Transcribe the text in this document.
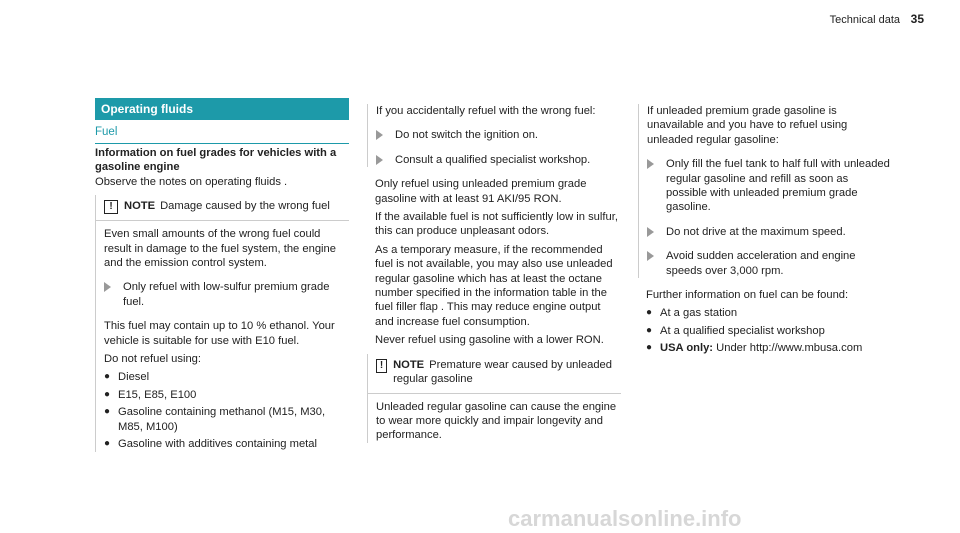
Technical data 35
Operating fluids
Fuel
Information on fuel grades for vehicles with a gasoline engine

Observe the notes on operating fluids .

!	NOTE Damage caused by the wrong fuel

Even small amounts of the wrong fuel could result in damage to the fuel system, the engine and the emission control system.

Only refuel with low-sulfur premium grade fuel.

This fuel may contain up to 10 % ethanol. Your vehicle is suitable for use with E10 fuel.

Do not refuel using:

● Diesel
● E15, E85, E100
● Gasoline containing methanol (M15, M30, M85, M100)
● Gasoline with additives containing metal

If you accidentally refuel with the wrong fuel:

Do not switch the ignition on.
Consult a qualified specialist workshop.

Only refuel using unleaded premium grade gasoline with at least 91 AKI/95 RON.

If the available fuel is not sufficiently low in sulfur, this can produce unpleasant odors.

As a temporary measure, if the recommended fuel is not available, you may also use unleaded regular gasoline which has at least the octane number specified in the information table in the fuel filler flap . This may reduce engine output and increase fuel consumption.

Never refuel using gasoline with a lower RON.

! NOTE Premature wear caused by unleaded regular gasoline

Unleaded regular gasoline can cause the engine to wear more quickly and impair longevity and performance.

If unleaded premium grade gasoline is unavailable and you have to refuel using unleaded regular gasoline:

Only fill the fuel tank to half full with unleaded regular gasoline and refill as soon as possible with unleaded premium grade gasoline.
Do not drive at the maximum speed.
Avoid sudden acceleration and engine speeds over 3,000 rpm.

Further information on fuel can be found:

● At a gas station
● At a qualified specialist workshop
● USA only: Under http://www.mbusa.com
carmanualsonline.info
